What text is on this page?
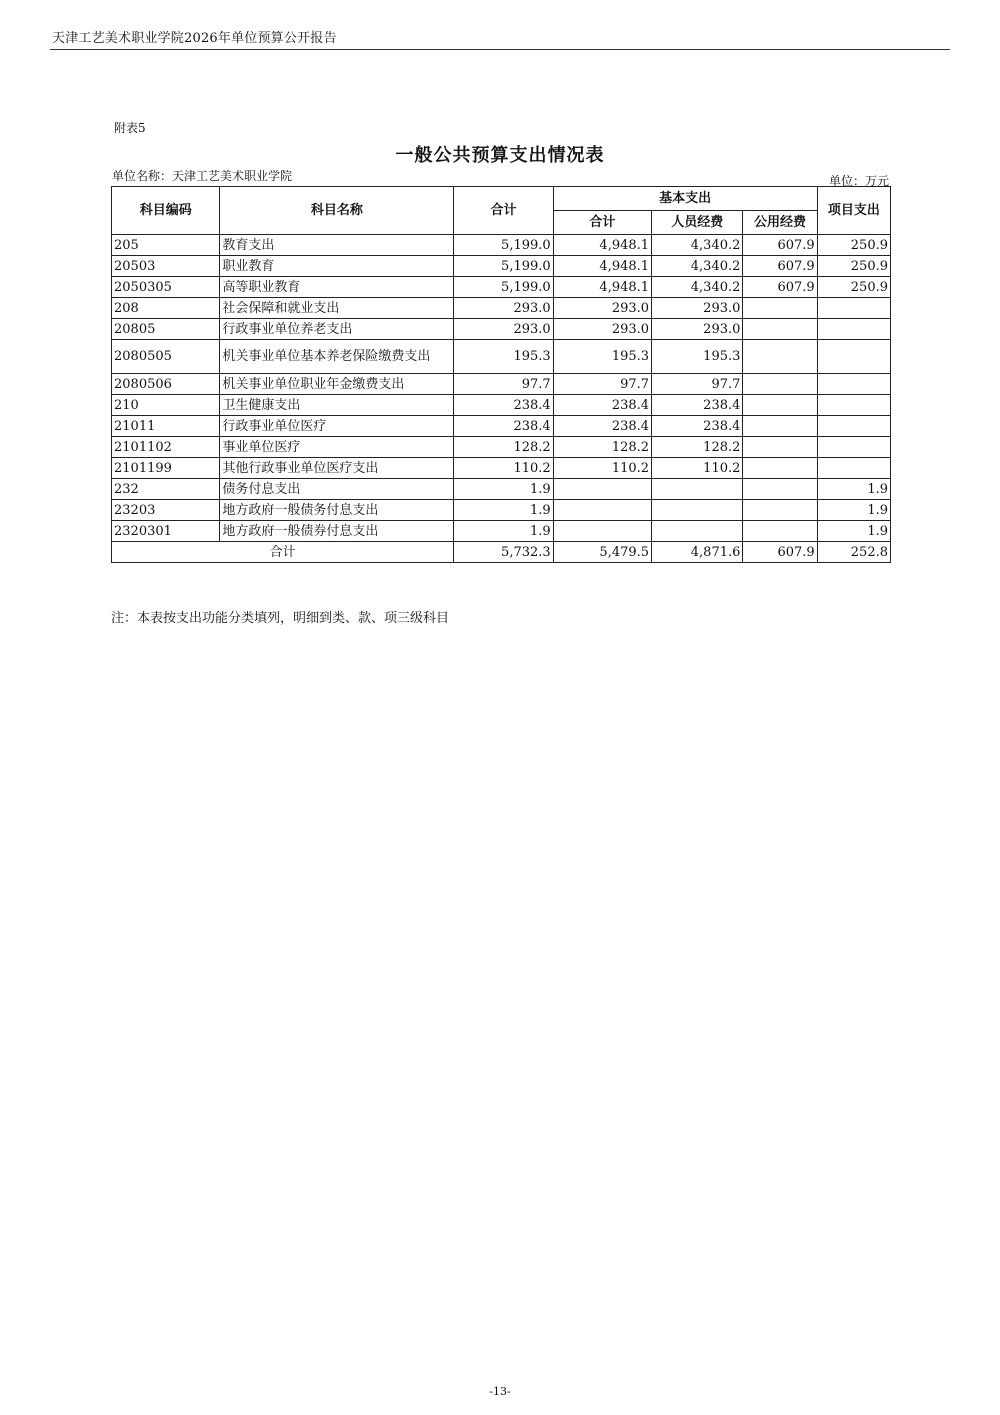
天津工艺美术职业学院2026年单位预算公开报告
附表5
一般公共预算支出情况表
单位名称：天津工艺美术职业学院	单位：万元
科目编码	科目名称	合计	基本支出			项目支出
			合计	人员经费	公用经费	
205	教育支出	5,199.0	4,948.1	4,340.2	607.9	250.9
20503	职业教育	5,199.0	4,948.1	4,340.2	607.9	250.9
2050305	高等职业教育	5,199.0	4,948.1	4,340.2	607.9	250.9
208	社会保障和就业支出	293.0	293.0	293.0		
20805	行政事业单位养老支出	293.0	293.0	293.0		
2080505	机关事业单位基本养老保险缴费支出	195.3	195.3	195.3		
2080506	机关事业单位职业年金缴费支出	97.7	97.7	97.7		
210	卫生健康支出	238.4	238.4	238.4		
21011	行政事业单位医疗	238.4	238.4	238.4		
2101102	事业单位医疗	128.2	128.2	128.2		
2101199	其他行政事业单位医疗支出	110.2	110.2	110.2		
232	债务付息支出	1.9				1.9
23203	地方政府一般债务付息支出	1.9				1.9
2320301	地方政府一般债券付息支出	1.9				1.9
合计		5,732.3	5,479.5	4,871.6	607.9	252.8
注：本表按支出功能分类填列，明细到类、款、项三级科目
-13-
